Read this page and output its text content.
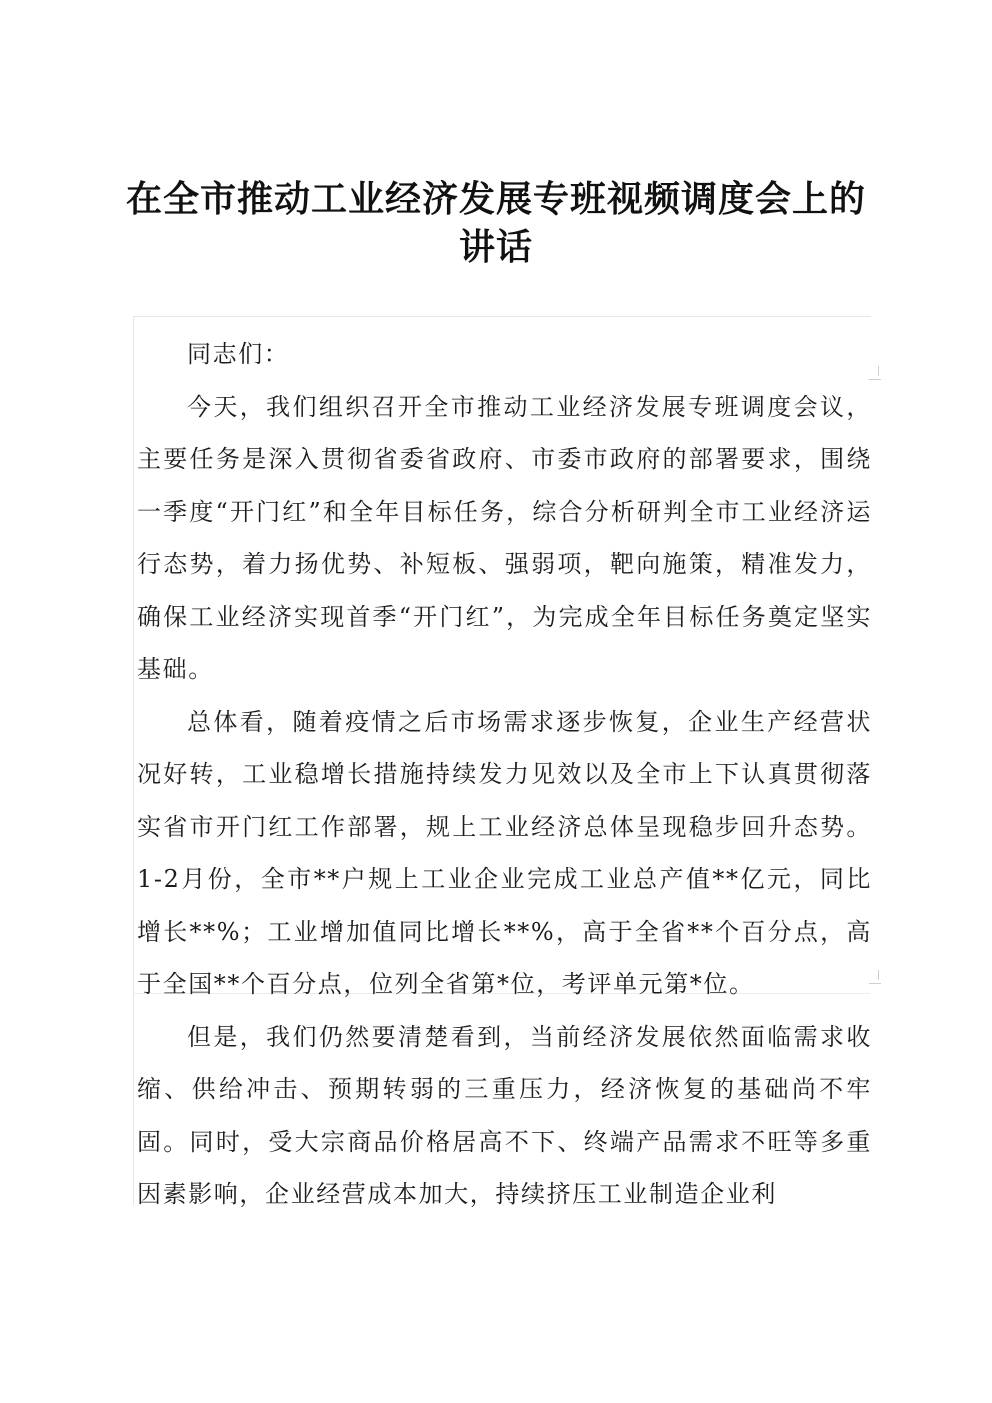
在全市推动工业经济发展专班视频调度会上的
讲话

同志们：

今天，我们组织召开全市推动工业经济发展专班调度会议，主要任务是深入贯彻省委省政府、市委市政府的部署要求，围绕一季度“开门红”和全年目标任务，综合分析研判全市工业经济运行态势，着力扬优势、补短板、强弱项，靶向施策，精准发力，确保工业经济实现首季“开门红”，为完成全年目标任务奠定坚实基础。

总体看，随着疫情之后市场需求逐步恢复，企业生产经营状况好转，工业稳增长措施持续发力见效以及全市上下认真贯彻落实省市开门红工作部署，规上工业经济总体呈现稳步回升态势。1-2月份，全市**户规上工业企业完成工业总产值**亿元，同比增长**%；工业增加值同比增长**%，高于全省**个百分点，高于全国**个百分点，位列全省第*位，考评单元第*位。

但是，我们仍然要清楚看到，当前经济发展依然面临需求收缩、供给冲击、预期转弱的三重压力，经济恢复的基础尚不牢固。同时，受大宗商品价格居高不下、终端产品需求不旺等多重因素影响，企业经营成本加大，持续挤压工业制造企业利
